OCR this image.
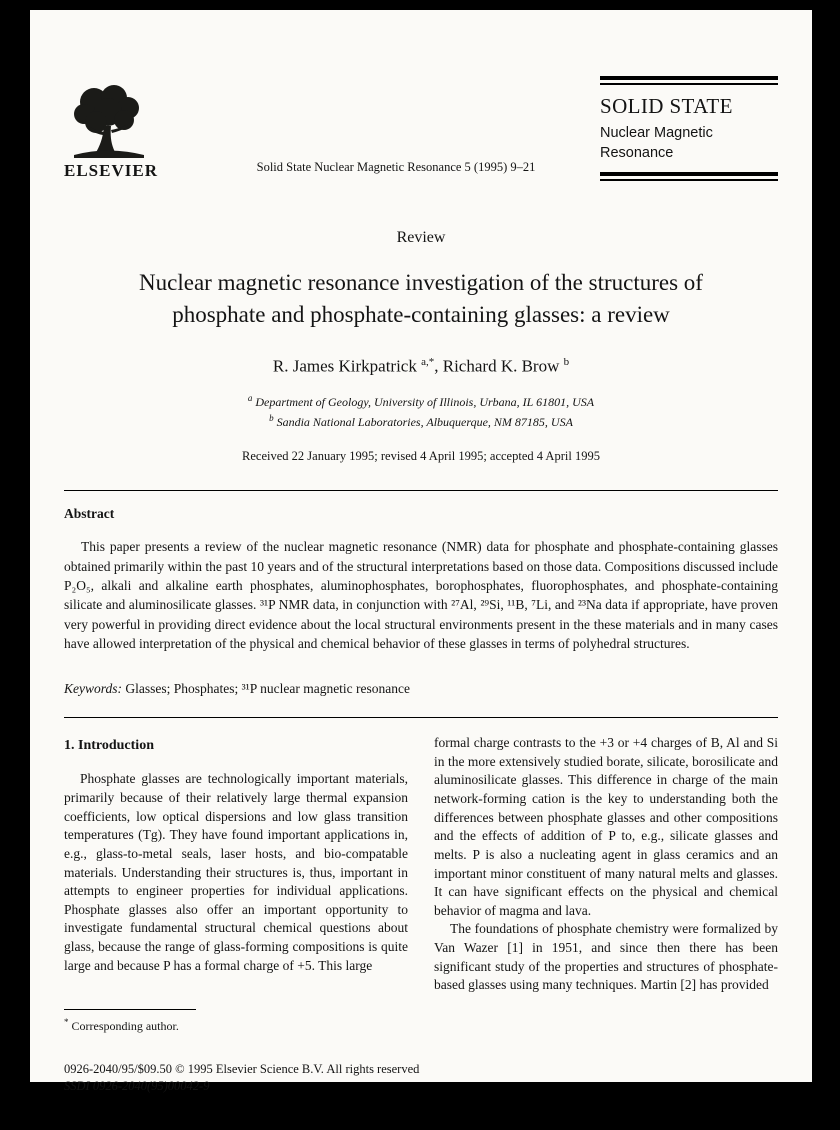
ELSEVIER	Solid State Nuclear Magnetic Resonance 5 (1995) 9–21
SOLID STATE
Nuclear Magnetic
Resonance
Review
Nuclear magnetic resonance investigation of the structures of phosphate and phosphate-containing glasses: a review
R. James Kirkpatrick $^{a,*}$, Richard K. Brow $^b$
$^a$ Department of Geology, University of Illinois, Urbana, IL 61801, USA
$^b$ Sandia National Laboratories, Albuquerque, NM 87185, USA
Received 22 January 1995; revised 4 April 1995; accepted 4 April 1995
Abstract
This paper presents a review of the nuclear magnetic resonance (NMR) data for phosphate and phosphate-containing glasses obtained primarily within the past 10 years and of the structural interpretations based on those data. Compositions discussed include P₂O₅, alkali and alkaline earth phosphates, aluminophosphates, borophosphates, fluorophosphates, and phosphate-containing silicate and aluminosilicate glasses. ³¹P NMR data, in conjunction with ²⁷Al, ²⁹Si, ¹¹B, ⁷Li, and ²³Na data if appropriate, have proven very powerful in providing direct evidence about the local structural environments present in the these materials and in many cases have allowed interpretation of the physical and chemical behavior of these glasses in terms of polyhedral structures.
Keywords: Glasses; Phosphates; ³¹P nuclear magnetic resonance
1. Introduction

Phosphate glasses are technologically important materials, primarily because of their relatively large thermal expansion coefficients, low optical dispersions and low glass transition temperatures (Tg). They have found important applications in, e.g., glass-to-metal seals, laser hosts, and bio-compatable materials. Understanding their structures is, thus, important in attempts to engineer properties for individual applications. Phosphate glasses also offer an important opportunity to investigate fundamental structural chemical questions about glass, because the range of glass-forming compositions is quite large and because P has a formal charge of +5. This large

* Corresponding author.

formal charge contrasts to the +3 or +4 charges of B, Al and Si in the more extensively studied borate, silicate, borosilicate and aluminosilicate glasses. This difference in charge of the main network-forming cation is the key to understanding both the differences between phosphate glasses and other compositions and the effects of addition of P to, e.g., silicate glasses and melts. P is also a nucleating agent in glass ceramics and an important minor constituent of many natural melts and glasses. It can have significant effects on the physical and chemical behavior of magma and lava.

The foundations of phosphate chemistry were formalized by Van Wazer [1] in 1951, and since then there has been significant study of the properties and structures of phosphate-based glasses using many techniques. Martin [2] has provided

0926-2040/95/$09.50 © 1995 Elsevier Science B.V. All rights reserved
SSDI 0926-2040(95)00042-9
